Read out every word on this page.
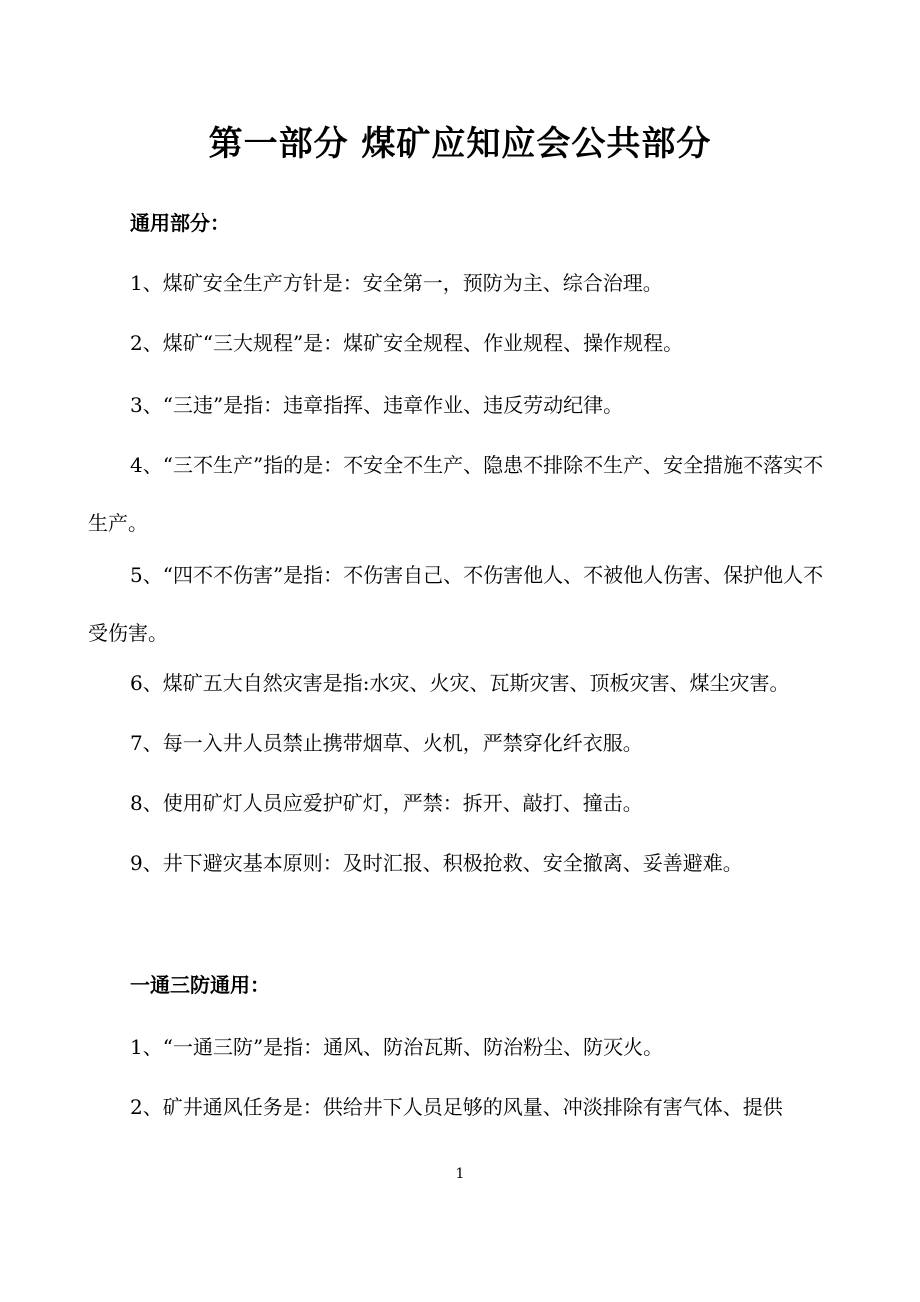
第一部分 煤矿应知应会公共部分
通用部分：
1、煤矿安全生产方针是：安全第一，预防为主、综合治理。
2、煤矿“三大规程”是：煤矿安全规程、作业规程、操作规程。
3、“三违”是指：违章指挥、违章作业、违反劳动纪律。
4、“三不生产”指的是：不安全不生产、隐患不排除不生产、安全措施不落实不生产。
5、“四不不伤害”是指：不伤害自己、不伤害他人、不被他人伤害、保护他人不受伤害。
6、煤矿五大自然灾害是指:水灾、火灾、瓦斯灾害、顶板灾害、煤尘灾害。
7、每一入井人员禁止携带烟草、火机，严禁穿化纤衣服。
8、使用矿灯人员应爱护矿灯，严禁：拆开、敲打、撞击。
9、井下避灾基本原则：及时汇报、积极抢救、安全撤离、妥善避难。
一通三防通用：
1、“一通三防”是指：通风、防治瓦斯、防治粉尘、防灭火。
2、矿井通风任务是：供给井下人员足够的风量、冲淡排除有害气体、提供
1
